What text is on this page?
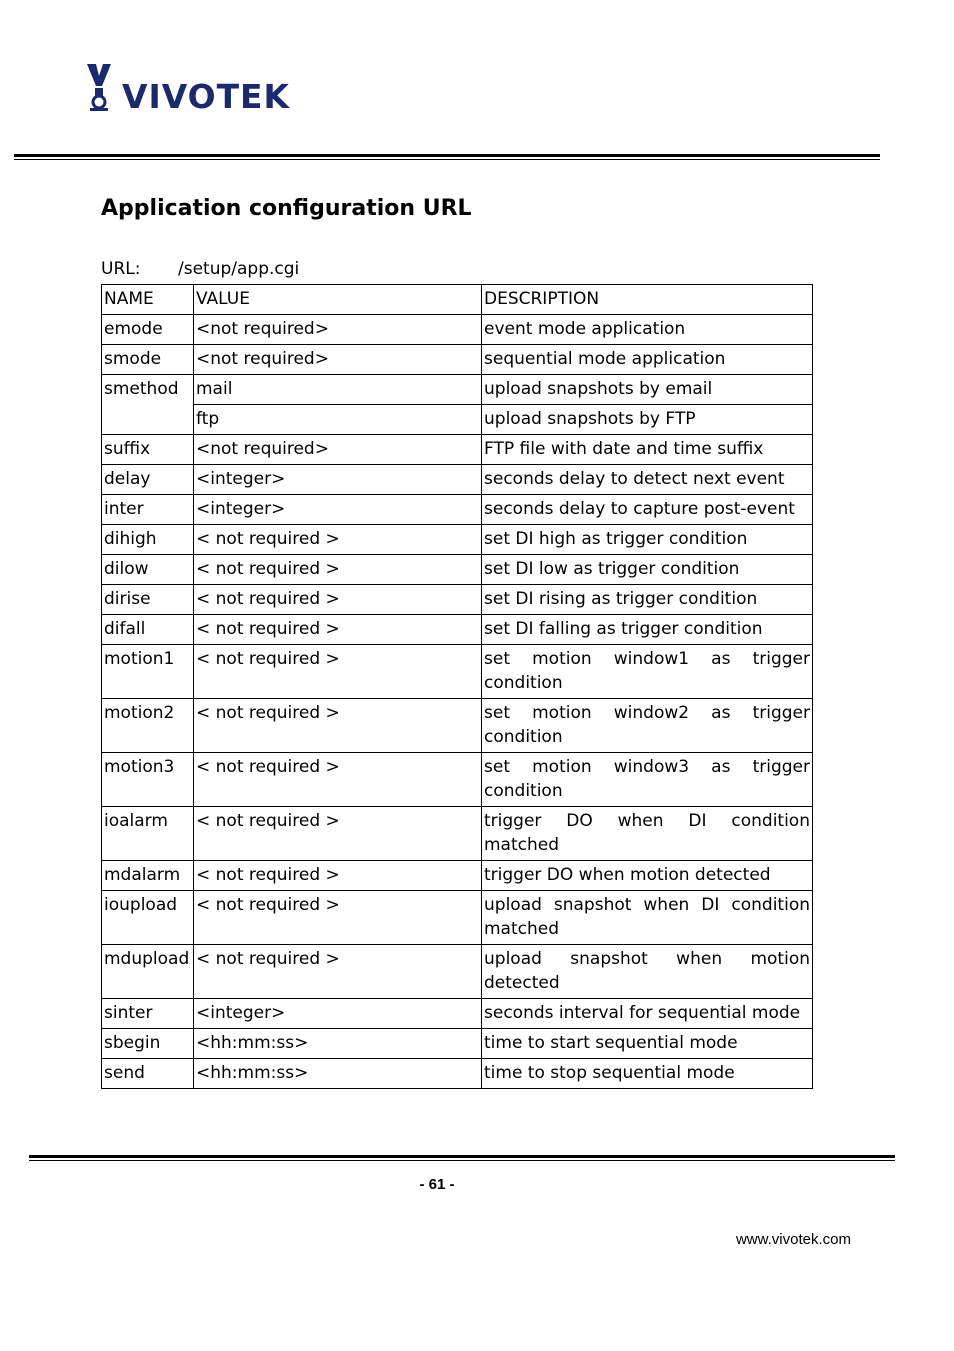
VIVOTEK
Application configuration URL
URL: /setup/app.cgi
NAME	VALUE	DESCRIPTION
emode	<not required>	event mode application
smode	<not required>	sequential mode application
smethod	mail	upload snapshots by email
	ftp	upload snapshots by FTP
suffix	<not required>	FTP file with date and time suffix
delay	<integer>	seconds delay to detect next event
inter	<integer>	seconds delay to capture post-event
dihigh	< not required >	set DI high as trigger condition
dilow	< not required >	set DI low as trigger condition
dirise	< not required >	set DI rising as trigger condition
difall	< not required >	set DI falling as trigger condition
motion1	< not required >	set motion window1 as trigger condition
motion2	< not required >	set motion window2 as trigger condition
motion3	< not required >	set motion window3 as trigger condition
ioalarm	< not required >	trigger DO when DI condition matched
mdalarm	< not required >	trigger DO when motion detected
ioupload	< not required >	upload snapshot when DI condition matched
mdupload	< not required >	upload snapshot when motion detected
sinter	<integer>	seconds interval for sequential mode
sbegin	<hh:mm:ss>	time to start sequential mode
send	<hh:mm:ss>	time to stop sequential mode
- 61 -
www.vivotek.com
